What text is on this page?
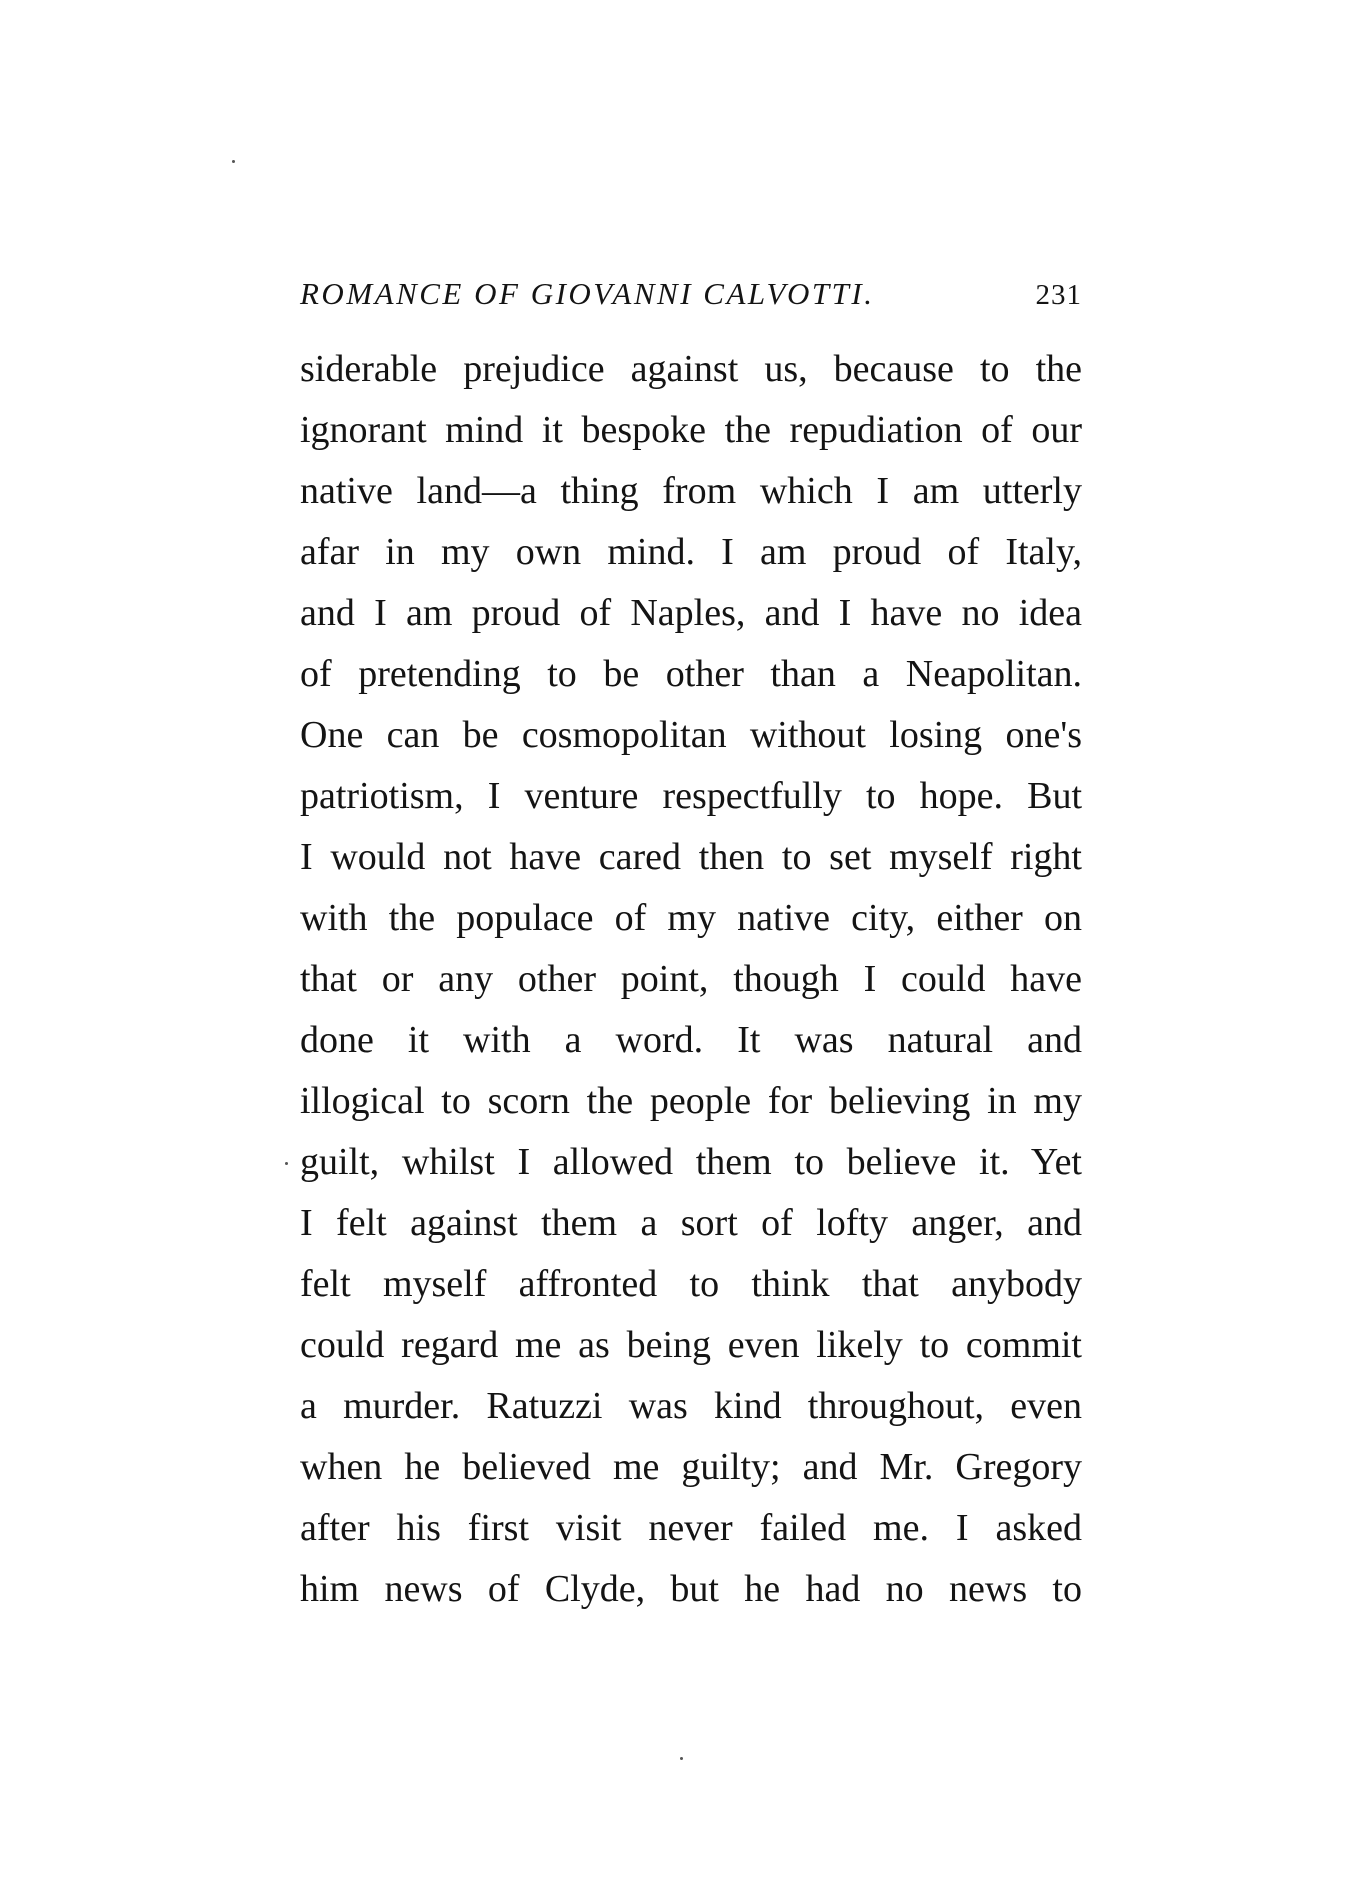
ROMANCE OF GIOVANNI CALVOTTI.	231
siderable prejudice against us, because to the
ignorant mind it bespoke the repudiation of our
native land—a thing from which I am utterly
afar in my own mind. I am proud of Italy,
and I am proud of Naples, and I have no idea
of pretending to be other than a Neapolitan.
One can be cosmopolitan without losing one's
patriotism, I venture respectfully to hope. But
I would not have cared then to set myself right
with the populace of my native city, either on
that or any other point, though I could have
done it with a word. It was natural and
illogical to scorn the people for believing in my
guilt, whilst I allowed them to believe it. Yet
I felt against them a sort of lofty anger, and
felt myself affronted to think that anybody
could regard me as being even likely to commit
a murder. Ratuzzi was kind throughout, even
when he believed me guilty; and Mr. Gregory
after his first visit never failed me. I asked
him news of Clyde, but he had no news to
